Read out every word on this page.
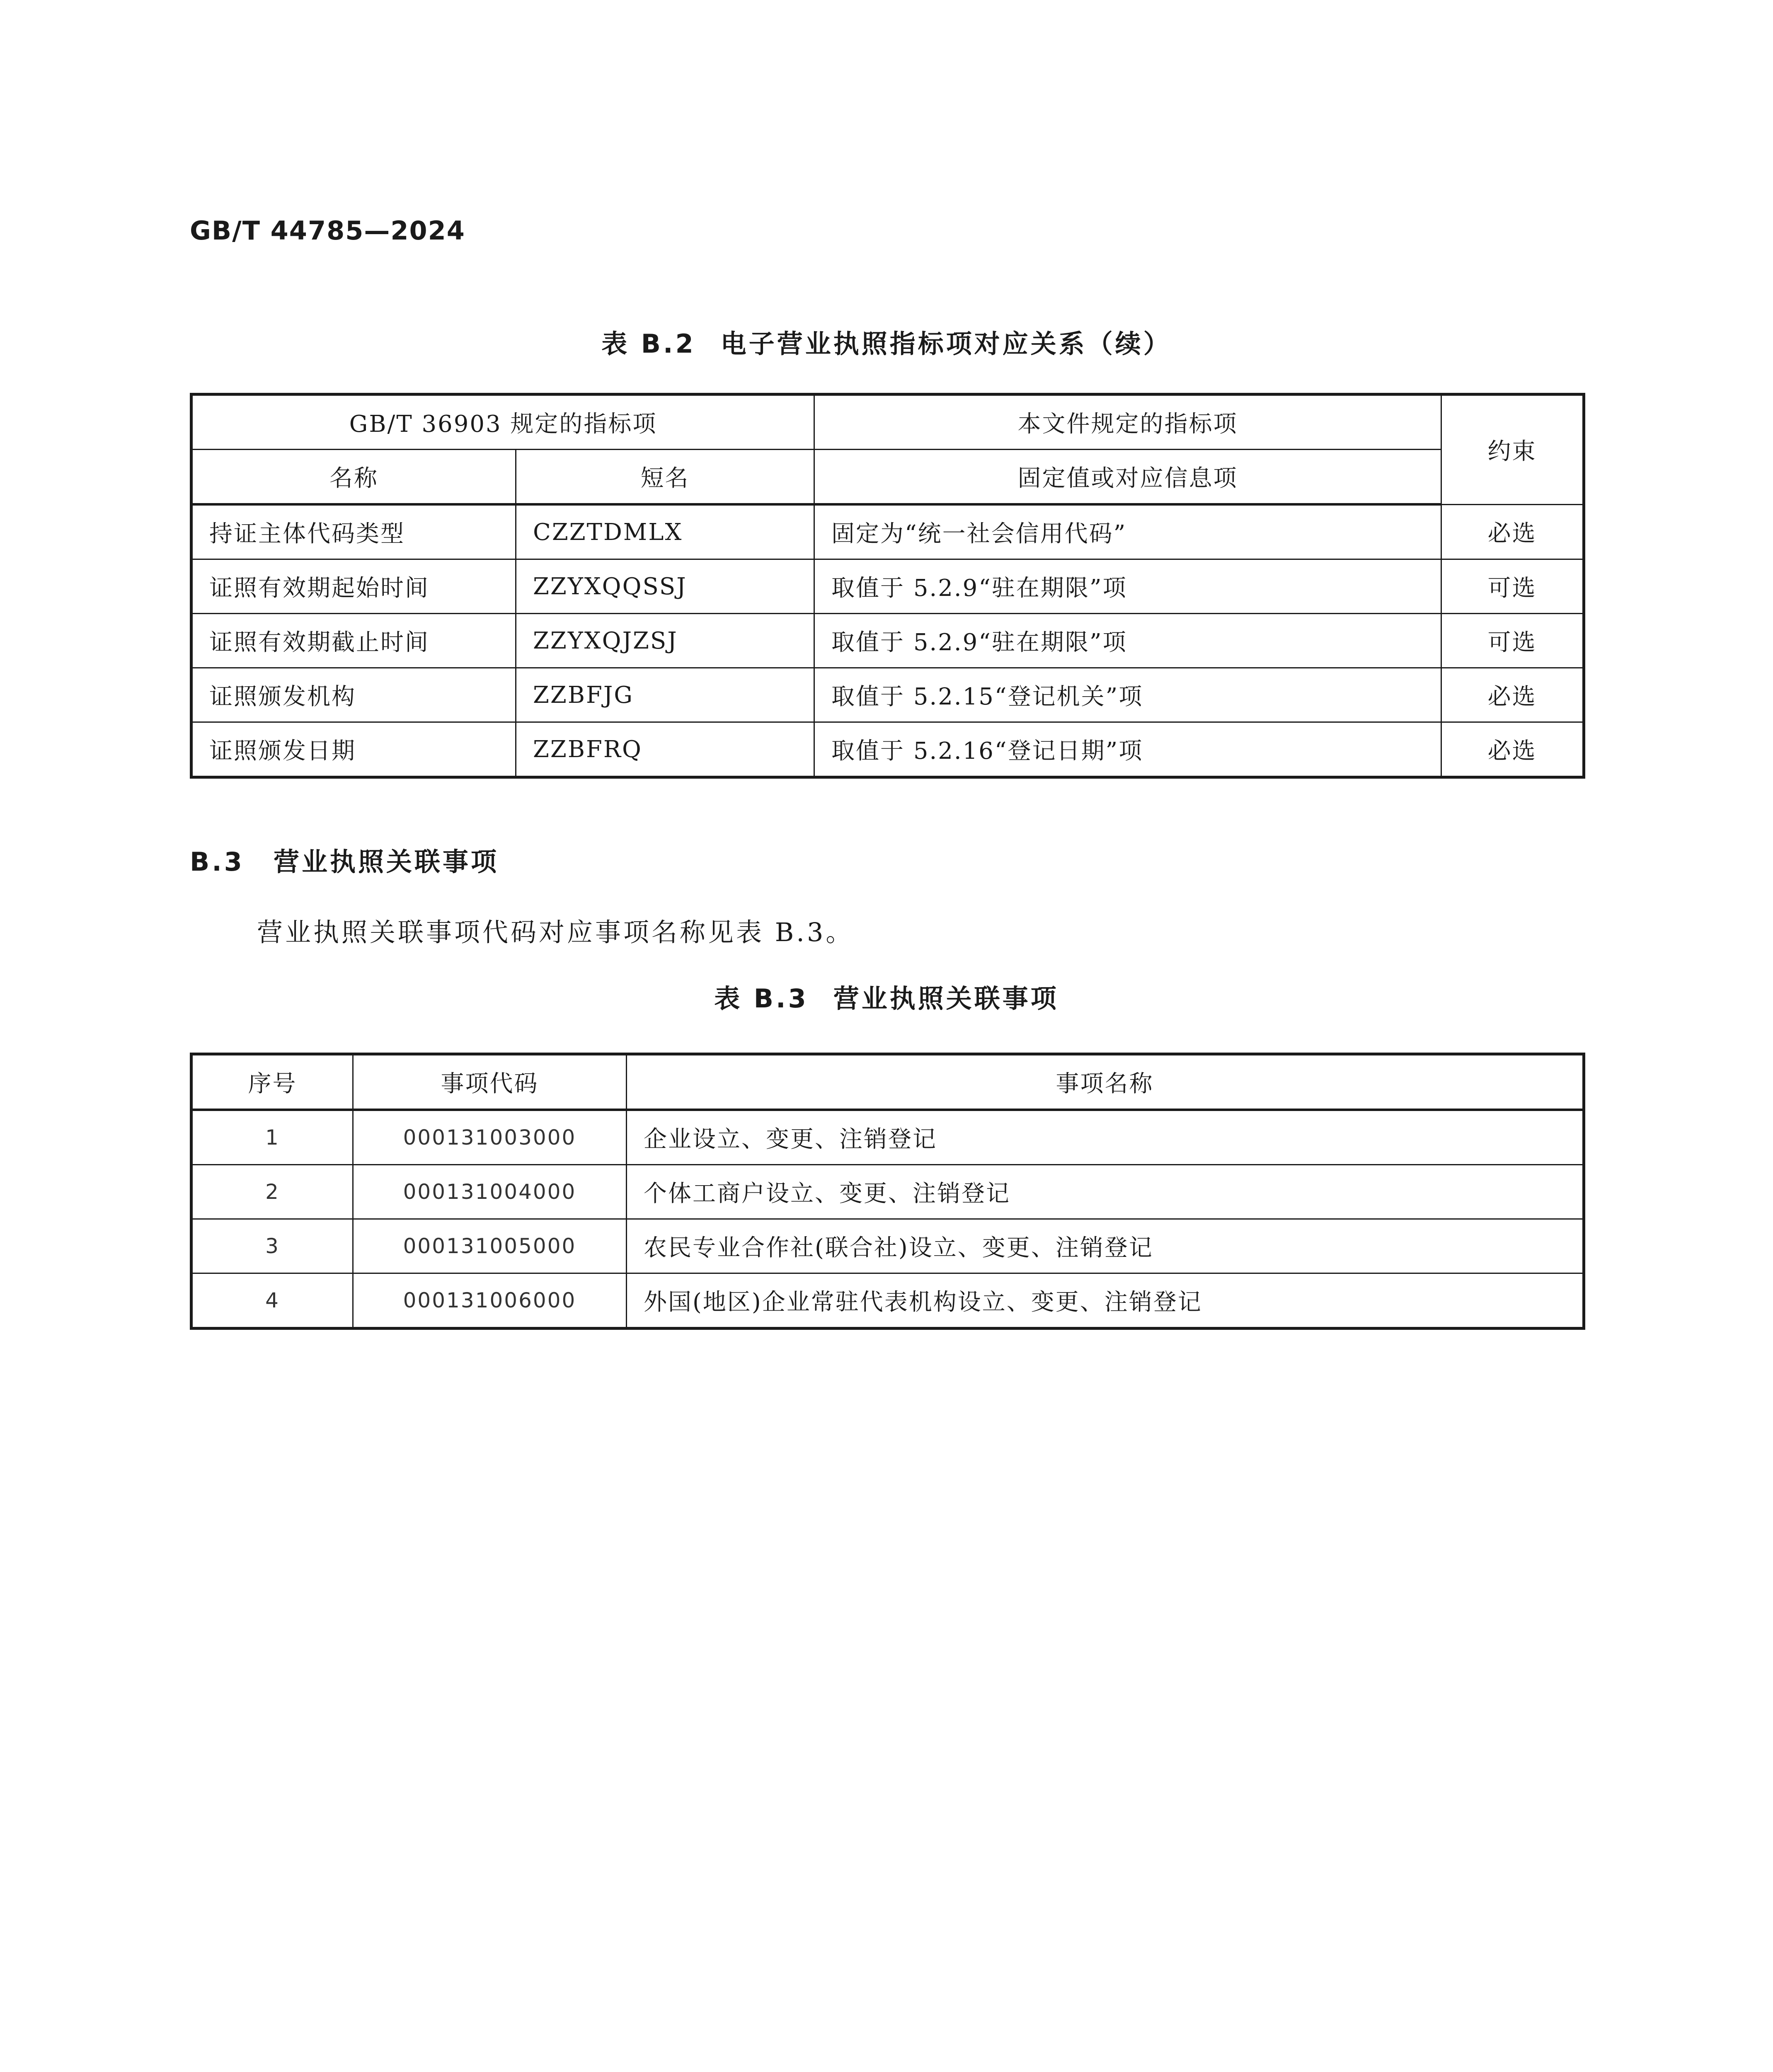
GB/T 44785—2024
表 B.2 电子营业执照指标项对应关系（续）
GB/T 36903 规定的指标项		本文件规定的指标项	约束
名称	短名	固定值或对应信息项	
持证主体代码类型	CZZTDMLX	固定为“统一社会信用代码”	必选
证照有效期起始时间	ZZYXQQSSJ	取值于 5.2.9“驻在期限”项	可选
证照有效期截止时间	ZZYXQJZSJ	取值于 5.2.9“驻在期限”项	可选
证照颁发机构	ZZBFJG	取值于 5.2.15“登记机关”项	必选
证照颁发日期	ZZBFRQ	取值于 5.2.16“登记日期”项	必选
B.3 营业执照关联事项
营业执照关联事项代码对应事项名称见表 B.3。
表 B.3 营业执照关联事项
序号	事项代码	事项名称
1	000131003000	企业设立、变更、注销登记
2	000131004000	个体工商户设立、变更、注销登记
3	000131005000	农民专业合作社(联合社)设立、变更、注销登记
4	000131006000	外国(地区)企业常驻代表机构设立、变更、注销登记
